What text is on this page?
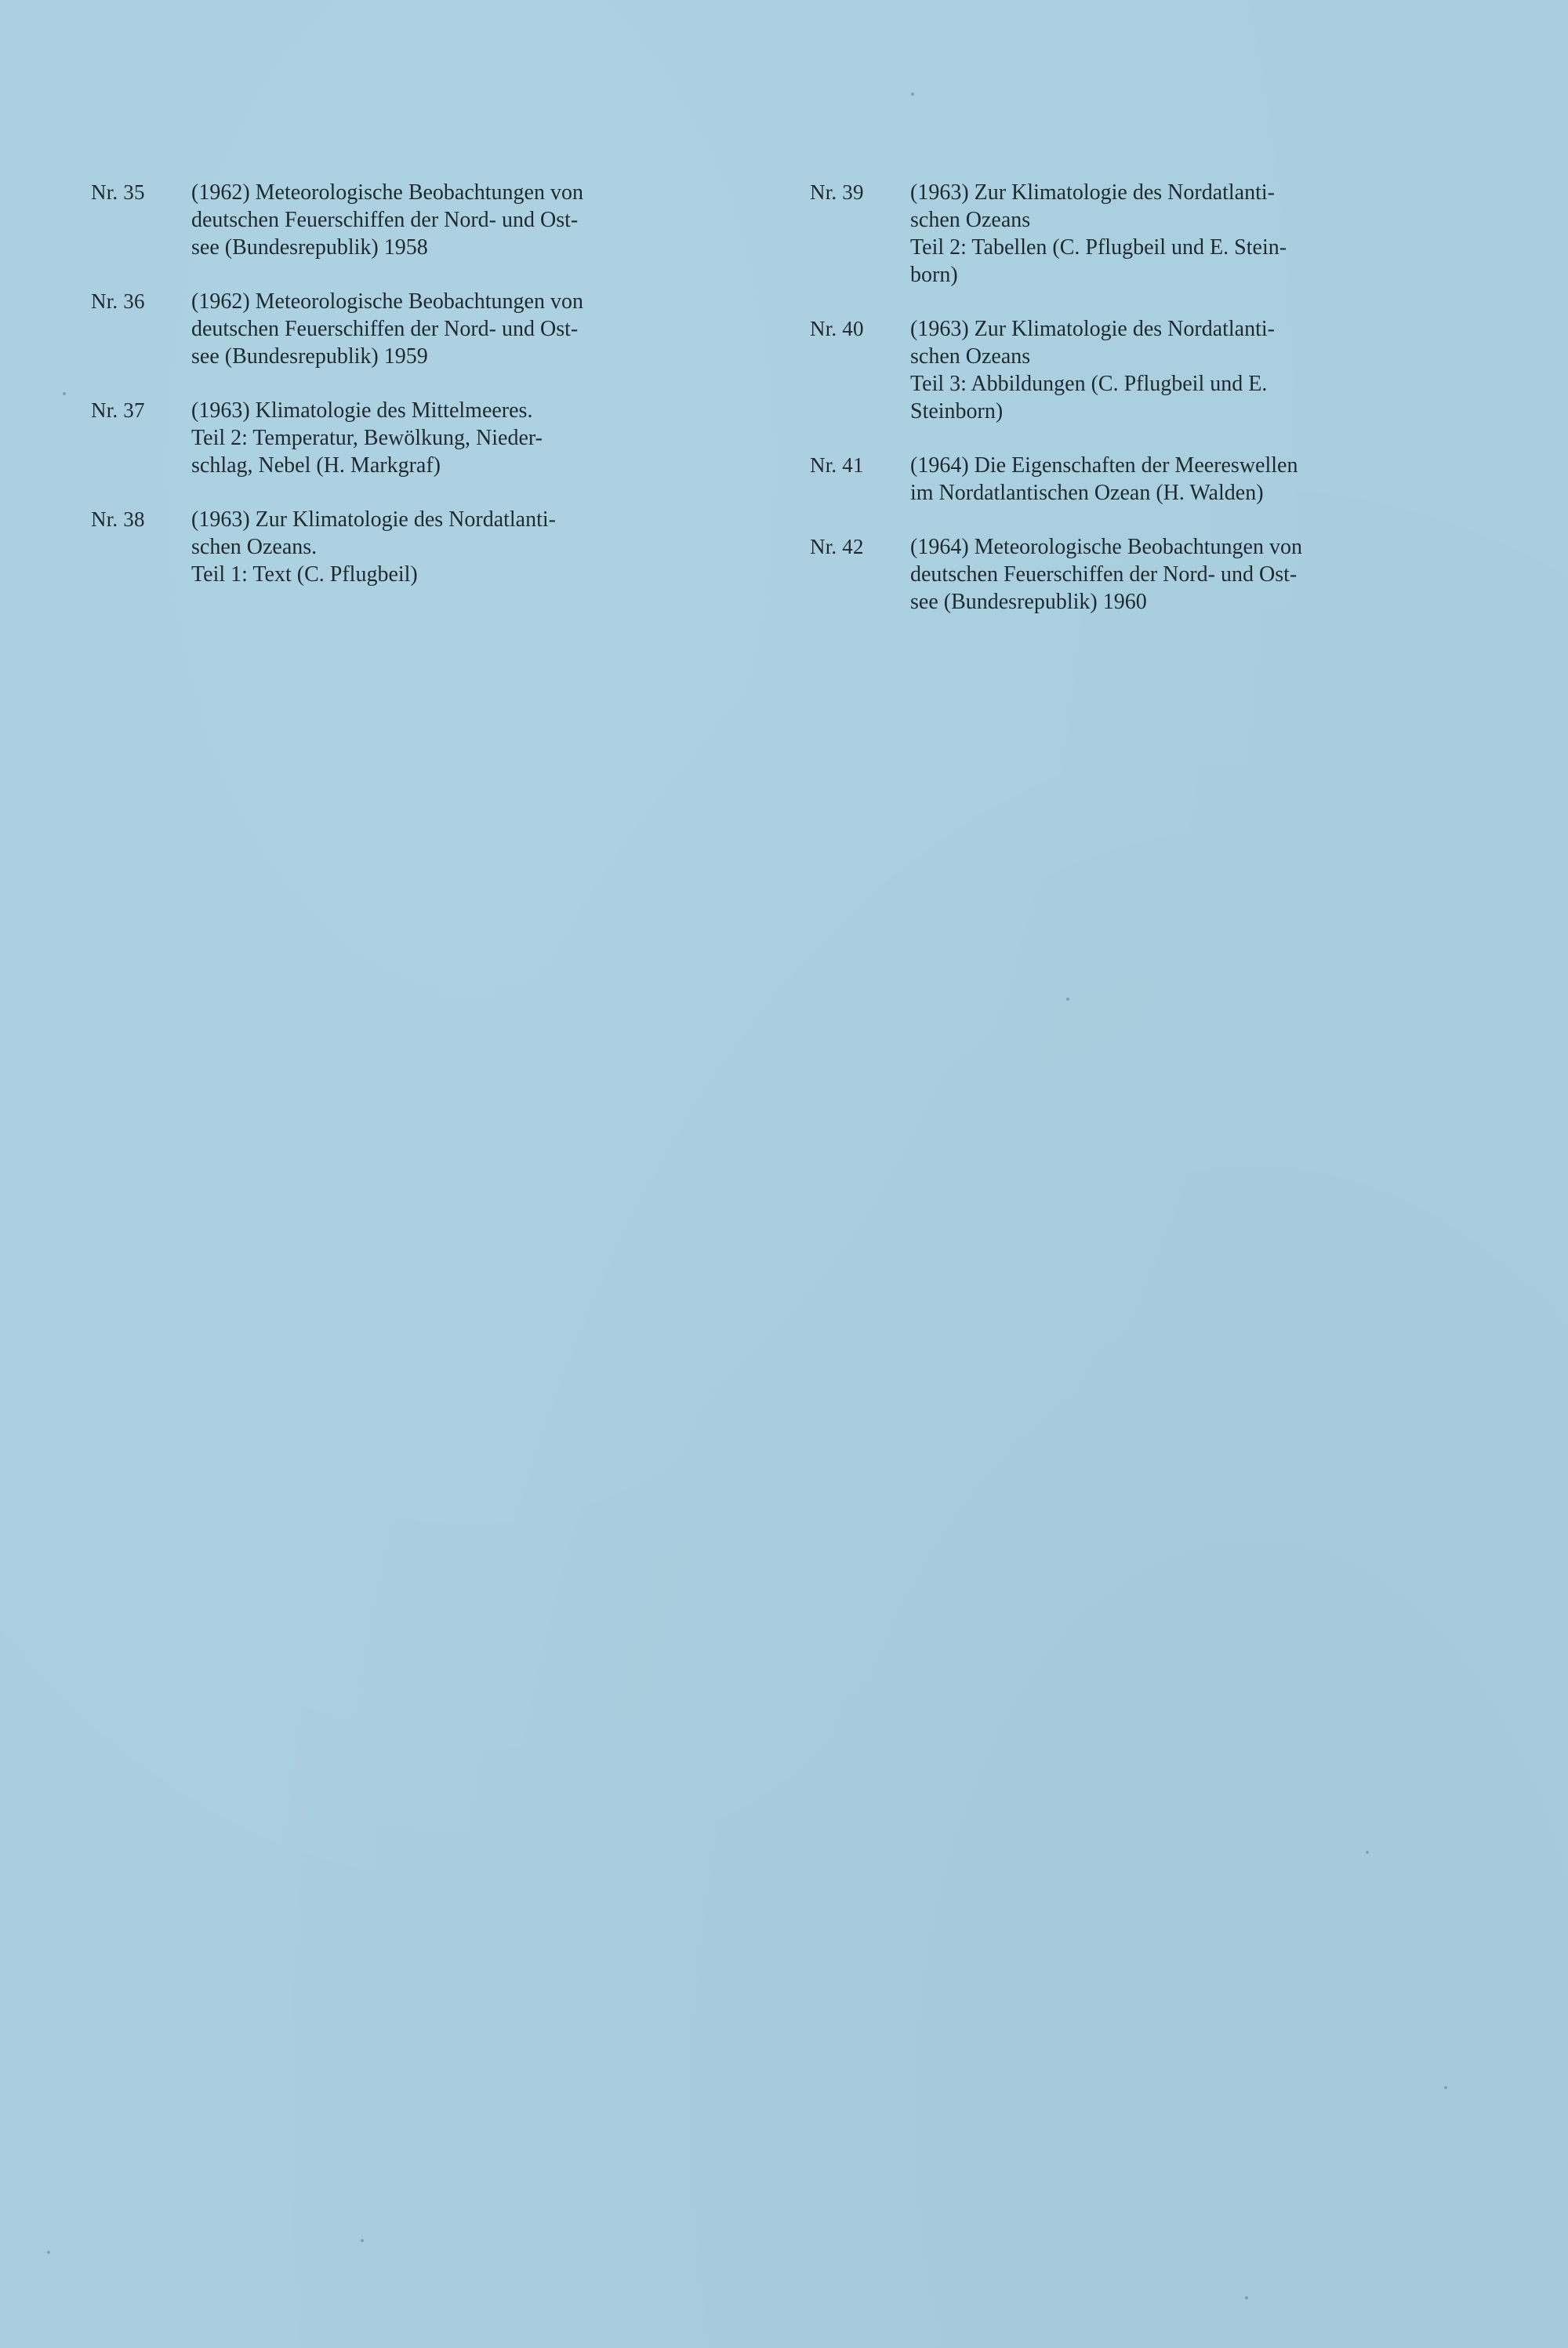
Nr. 35	(1962) Meteorologische Beobachtungen von
deutschen Feuerschiffen der Nord- und Ost-
see (Bundesrepublik) 1958
Nr. 36	(1962) Meteorologische Beobachtungen von
deutschen Feuerschiffen der Nord- und Ost-
see (Bundesrepublik) 1959
Nr. 37	(1963) Klimatologie des Mittelmeeres.
Teil 2: Temperatur, Bewölkung, Nieder-
schlag, Nebel (H. Markgraf)
Nr. 38	(1963) Zur Klimatologie des Nordatlanti-
schen Ozeans.
Teil 1: Text (C. Pflugbeil)
Nr. 39	(1963) Zur Klimatologie des Nordatlanti-
schen Ozeans
Teil 2: Tabellen (C. Pflugbeil und E. Stein-
born)
Nr. 40	(1963) Zur Klimatologie des Nordatlanti-
schen Ozeans
Teil 3: Abbildungen (C. Pflugbeil und E.
Steinborn)
Nr. 41	(1964) Die Eigenschaften der Meereswellen
im Nordatlantischen Ozean (H. Walden)
Nr. 42	(1964) Meteorologische Beobachtungen von
deutschen Feuerschiffen der Nord- und Ost-
see (Bundesrepublik) 1960
